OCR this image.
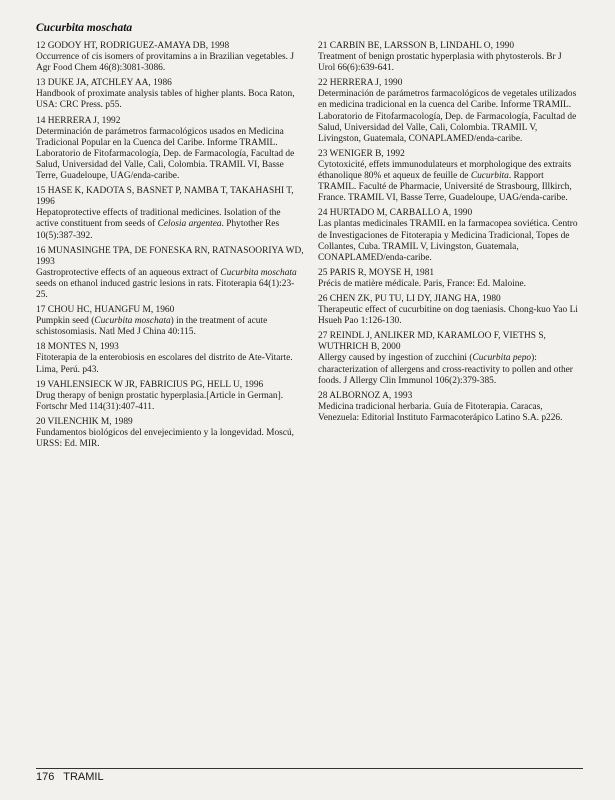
Cucurbita moschata
12 GODOY HT, RODRIGUEZ-AMAYA DB, 1998
Occurrence of cis isomers of provitamins a in Brazilian vegetables. J Agr Food Chem 46(8):3081-3086.
13 DUKE JA, ATCHLEY AA, 1986
Handbook of proximate analysis tables of higher plants. Boca Raton, USA: CRC Press. p55.
14 HERRERA J, 1992
Determinación de parámetros farmacológicos usados en Medicina Tradicional Popular en la Cuenca del Caribe. Informe TRAMIL. Laboratorio de Fitofarmacología, Dep. de Farmacología, Facultad de Salud, Universidad del Valle, Cali, Colombia. TRAMIL VI, Basse Terre, Guadeloupe, UAG/enda-caribe.
15 HASE K, KADOTA S, BASNET P, NAMBA T, TAKAHASHI T, 1996
Hepatoprotective effects of traditional medicines. Isolation of the active constituent from seeds of Celosia argentea. Phytother Res 10(5):387-392.
16 MUNASINGHE TPA, DE FONESKA RN, RATNASOORIYA WD, 1993
Gastroprotective effects of an aqueous extract of Cucurbita moschata seeds on ethanol induced gastric lesions in rats. Fitoterapia 64(1):23-25.
17 CHOU HC, HUANGFU M, 1960
Pumpkin seed (Cucurbita moschata) in the treatment of acute schistosomiasis. Natl Med J China 40:115.
18 MONTES N, 1993
Fitoterapia de la enterobiosis en escolares del distrito de Ate-Vitarte. Lima, Perú. p43.
19 VAHLENSIECK W JR, FABRICIUS PG, HELL U, 1996
Drug therapy of benign prostatic hyperplasia.[Article in German]. Fortschr Med 114(31):407-411.
20 VILENCHIK M, 1989
Fundamentos biológicos del envejecimiento y la longevidad. Moscú, URSS: Ed. MIR.
21 CARBIN BE, LARSSON B, LINDAHL O, 1990
Treatment of benign prostatic hyperplasia with phytosterols. Br J Urol 66(6):639-641.
22 HERRERA J, 1990
Determinación de parámetros farmacológicos de vegetales utilizados en medicina tradicional en la cuenca del Caribe. Informe TRAMIL. Laboratorio de Fitofarmacología, Dep. de Farmacología, Facultad de Salud, Universidad del Valle, Cali, Colombia. TRAMIL V, Livingston, Guatemala, CONAPLAMED/enda-caribe.
23 WENIGER B, 1992
Cytotoxicité, effets immunodulateurs et morphologique des extraits éthanolique 80% et aqueux de feuille de Cucurbita. Rapport TRAMIL. Faculté de Pharmacie, Université de Strasbourg, Illkirch, France. TRAMIL VI, Basse Terre, Guadeloupe, UAG/enda-caribe.
24 HURTADO M, CARBALLO A, 1990
Las plantas medicinales TRAMIL en la farmacopea soviética. Centro de Investigaciones de Fitoterapia y Medicina Tradicional, Topes de Collantes, Cuba. TRAMIL V, Livingston, Guatemala, CONAPLAMED/enda-caribe.
25 PARIS R, MOYSE H, 1981
Précis de matière médicale. Paris, France: Ed. Maloine.
26 CHEN ZK, PU TU, LI DY, JIANG HA, 1980
Therapeutic effect of cucurbitine on dog taeniasis. Chong-kuo Yao Li Hsueh Pao 1:126-130.
27 REINDL J, ANLIKER MD, KARAMLOO F, VIETHS S, WUTHRICH B, 2000
Allergy caused by ingestion of zucchini (Cucurbita pepo): characterization of allergens and cross-reactivity to pollen and other foods. J Allergy Clin Immunol 106(2):379-385.
28 ALBORNOZ A, 1993
Medicina tradicional herbaria. Guía de Fitoterapia. Caracas, Venezuela: Editorial Instituto Farmacoterápico Latino S.A. p226.
176 TRAMIL
